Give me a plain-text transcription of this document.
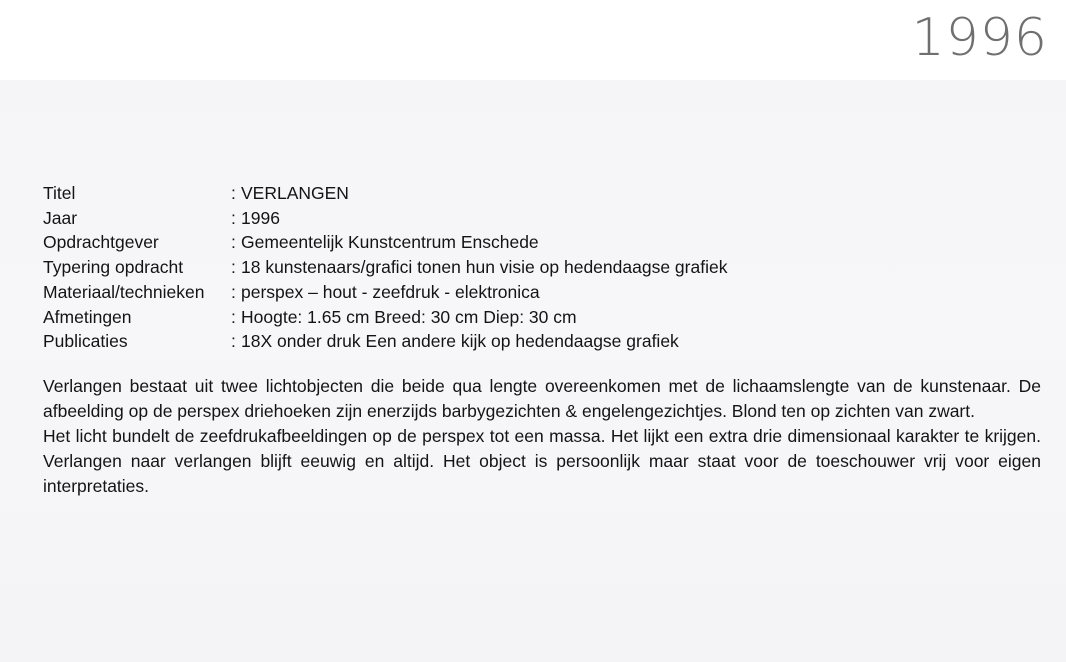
1996
Titel	: VERLANGEN
Jaar	: 1996
Opdrachtgever	: Gemeentelijk Kunstcentrum Enschede
Typering opdracht	: 18 kunstenaars/grafici tonen hun visie op hedendaagse grafiek
Materiaal/technieken	: perspex – hout - zeefdruk - elektronica
Afmetingen	: Hoogte: 1.65 cm Breed: 30 cm Diep: 30 cm
Publicaties	: 18X onder druk Een andere kijk op hedendaagse grafiek

Verlangen bestaat uit twee lichtobjecten die beide qua lengte overeenkomen met de lichaamslengte van de kunstenaar. De afbeelding op de perspex driehoeken zijn enerzijds barbygezichten & engelengezichtjes. Blond ten op zichten van zwart.

Het licht bundelt de zeefdrukafbeeldingen op de perspex tot een massa. Het lijkt een extra drie dimensionaal karakter te krijgen. Verlangen naar verlangen blijft eeuwig en altijd. Het object is persoonlijk maar staat voor de toeschouwer vrij voor eigen interpretaties.
